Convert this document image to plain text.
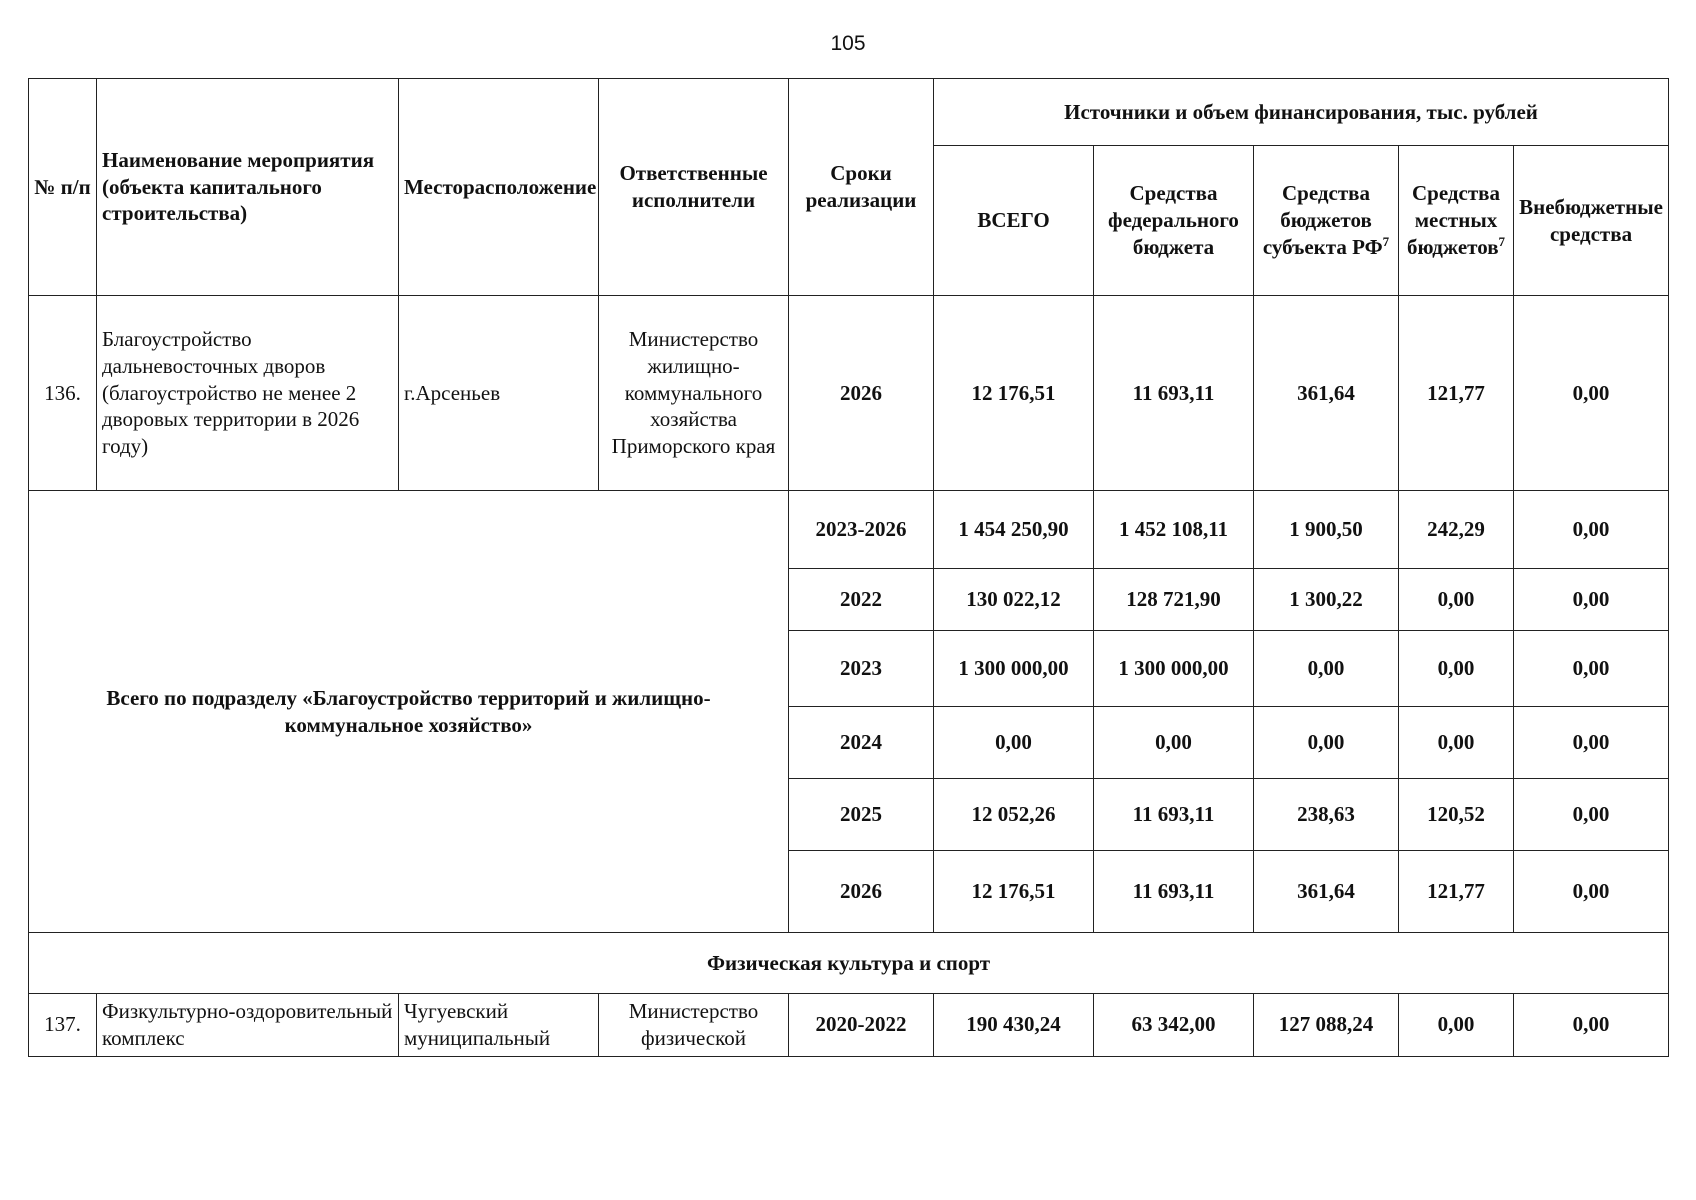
105
№ п/п	Наименование мероприятия (объекта капитального строительства)	Месторасположение	Ответственные исполнители	Сроки реализации	Источники и объем финансирования, тыс. рублей				
					ВСЕГО	Средства федерального бюджета	Средства бюджетов субъекта $РФ^7$	Средства местных бюджетов$^7$	Внебюджетные средства
136.	Благоустройство дальневосточных дворов (благоустройство не менее 2 дворовых территории в 2026 году)	г.Арсеньев	Министерство жилищно-коммунального хозяйства Приморского края	2026	12 176,51	11 693,11	361,64	121,77	0,00
Всего по подразделу «Благоустройство территорий и жилищно-коммунальное хозяйство»				2023-2026	1 454 250,90	1 452 108,11	1 900,50	242,29	0,00
				2022	130 022,12	128 721,90	1 300,22	0,00	0,00
				2023	1 300 000,00	1 300 000,00	0,00	0,00	0,00
				2024	0,00	0,00	0,00	0,00	0,00
				2025	12 052,26	11 693,11	238,63	120,52	0,00
				2026	12 176,51	11 693,11	361,64	121,77	0,00
Физическая культура и спорт									
137.	Физкультурно-оздоровительный комплекс	Чугуевский муниципальный	Министерство физической	2020-2022	190 430,24	63 342,00	127 088,24	0,00	0,00
